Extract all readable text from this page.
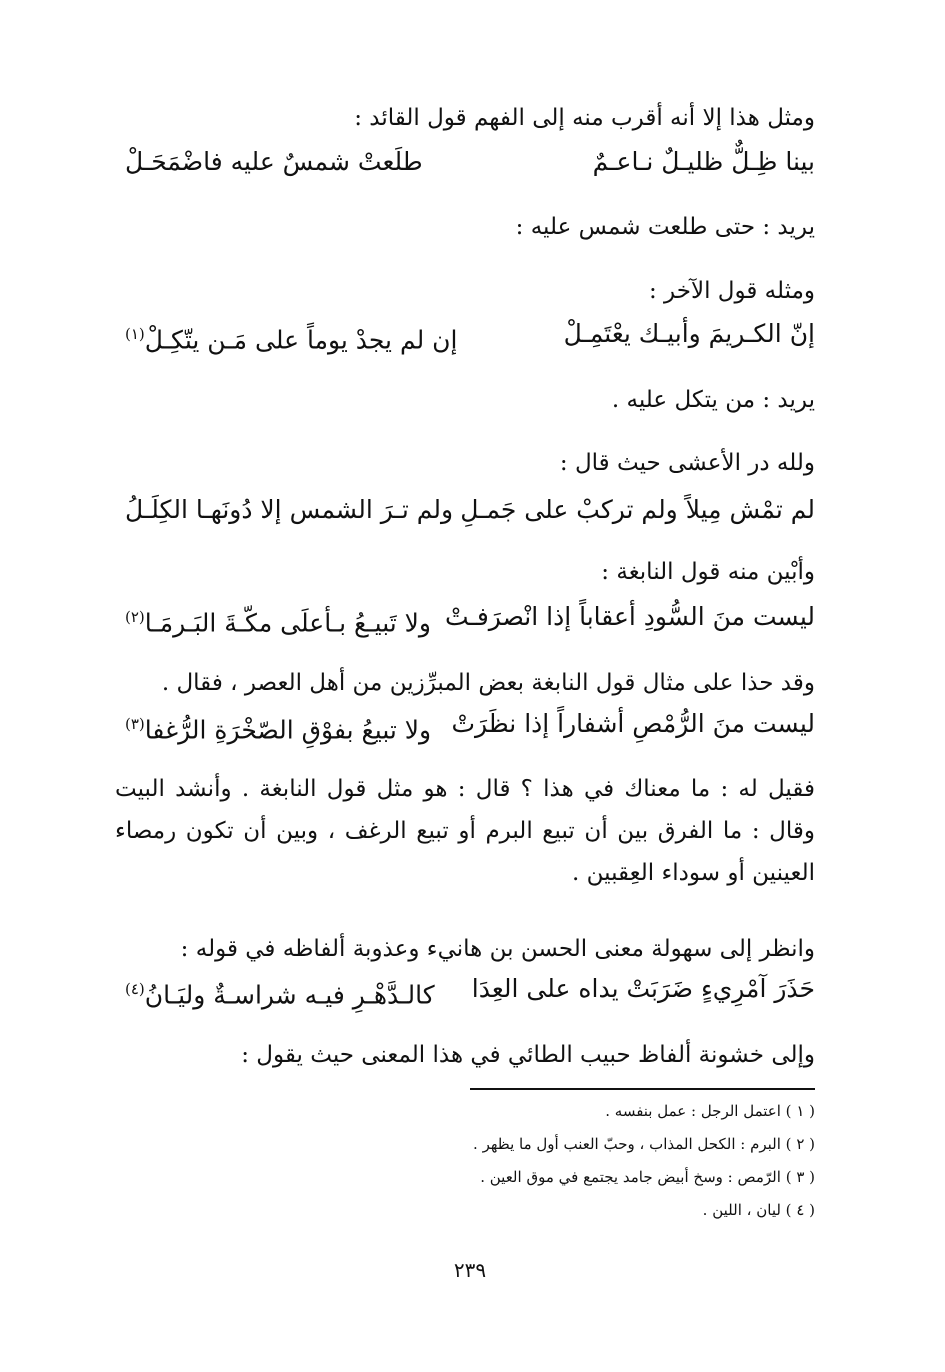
ومثل هذا إلا أنه أقرب منه إلى الفهم قول القائد :
بينا ظِـلٌّ ظليـلٌ نـاعـمٌ
طلَعتْ شمسٌ عليه فاضْمَحَـلْ
يريد : حتى طلعت شمس عليه :
ومثله قول الآخر :
إنّ الكـريمَ وأبيـك يعْتَمِـلْ
إن لم يجدْ يوماً على مَـن يتّكِـلْ$^{(١)}$
يريد : من يتكل عليه .
ولله در الأعشى حيث قال :
لم تمْش مِيلاً ولم تركبْ على جَمـلِ
ولم تـرَ الشمس إلا دُونَهـا الكِلَـلُ
وأبْين منه قول النابغة :
ليست منَ السُّودِ أعقاباً إذا انْصرَفـتْ
ولا تَبيـعُ بـأعلَى مكّـةَ البَـرمَـا$^{(٢)}$
وقد حذا على مثال قول النابغة بعض المبرِّزين من أهل العصر ، فقال .
ليست منَ الرُّمْصِ أشفاراً إذا نظَرَتْ
ولا تبيعُ بفوْقِ الصّخْرَةِ الرُّغفا$^{(٣)}$
فقيل له : ما معناك في هذا ؟ قال : هو مثل قول النابغة . وأنشد البيت وقال : ما الفرق بين أن تبيع البرم أو تبيع الرغف ، وبين أن تكون رمصاء العينين أو سوداء العِقبين .
وانظر إلى سهولة معنى الحسن بن هانيء وعذوبة ألفاظه في قوله :
حَذَرَ آمْرِيءٍ ضَرَبَتْ يداه على العِدَا
كالـدَّهْـرِ فيـه شراسـةٌ وليَـانُ$^{(٤)}$
وإلى خشونة ألفاظ حبيب الطائي في هذا المعنى حيث يقول :
( ١ ) اعتمل الرجل : عمل بنفسه .
( ٢ ) البرم : الكحل المذاب ، وحبّ العنب أول ما يظهر .
( ٣ ) الرّمص : وسخ أبيض جامد يجتمع في موق العين .
( ٤ ) ليان ، اللين .
٢٣٩
